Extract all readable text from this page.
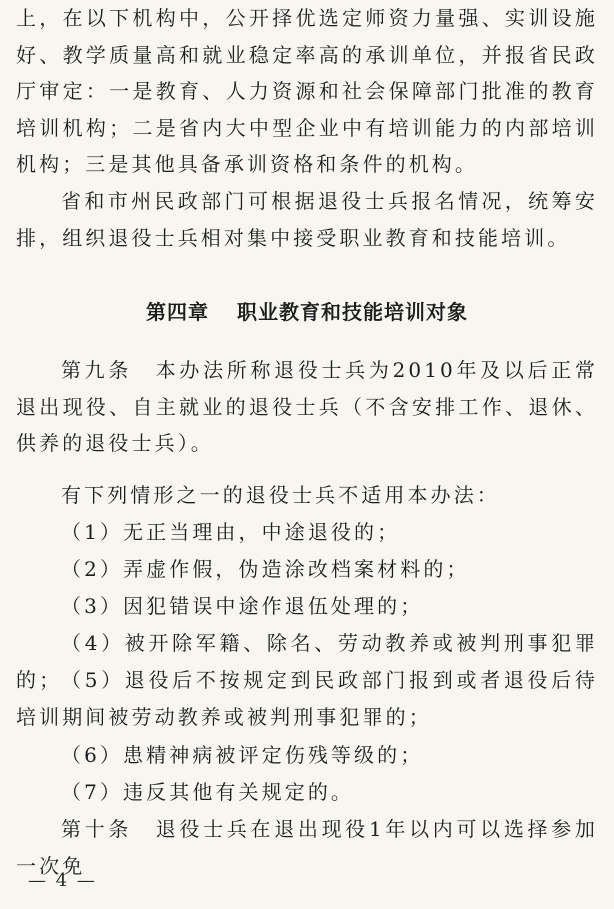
上，在以下机构中，公开择优选定师资力量强、实训设施好、教学质量高和就业稳定率高的承训单位，并报省民政厅审定：一是教育、人力资源和社会保障部门批准的教育培训机构；二是省内大中型企业中有培训能力的内部培训机构；三是其他具备承训资格和条件的机构。
省和市州民政部门可根据退役士兵报名情况，统筹安排，组织退役士兵相对集中接受职业教育和技能培训。
第四章 职业教育和技能培训对象
第九条　本办法所称退役士兵为2010年及以后正常退出现役、自主就业的退役士兵（不含安排工作、退休、供养的退役士兵）。
有下列情形之一的退役士兵不适用本办法：
（1）无正当理由，中途退役的；
（2）弄虚作假，伪造涂改档案材料的；
（3）因犯错误中途作退伍处理的；
（4）被开除军籍、除名、劳动教养或被判刑事犯罪的；
（5）退役后不按规定到民政部门报到或者退役后待培训期间被劳动教养或被判刑事犯罪的；
（6）患精神病被评定伤残等级的；
（7）违反其他有关规定的。
第十条　退役士兵在退出现役1年以内可以选择参加一次免
— 4 —
